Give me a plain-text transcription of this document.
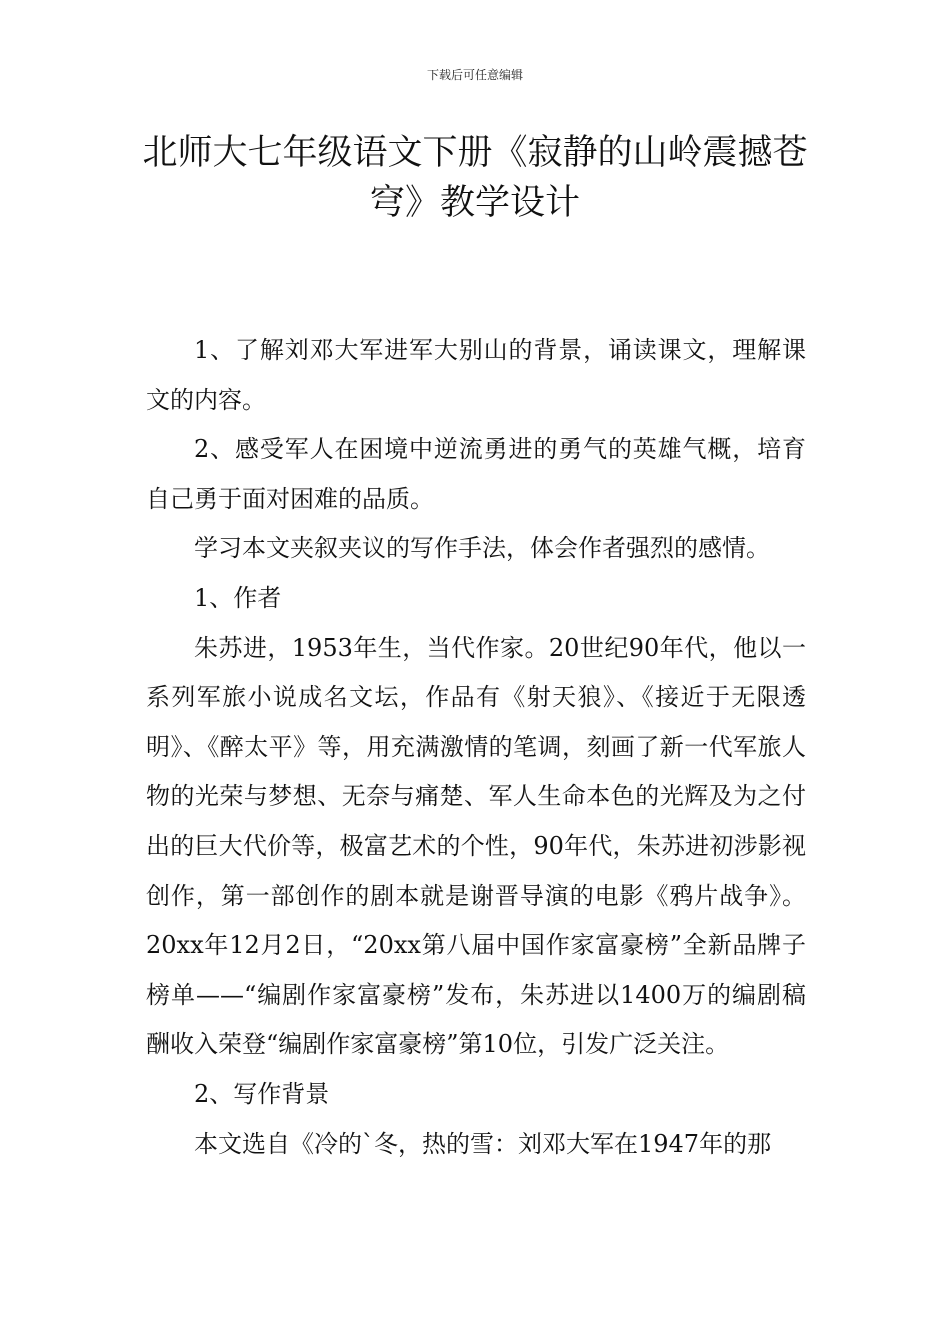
下载后可任意编辑
北师大七年级语文下册《寂静的山岭震撼苍穹》教学设计

1、了解刘邓大军进军大别山的背景，诵读课文，理解课文的内容。

2、感受军人在困境中逆流勇进的勇气的英雄气概，培育自己勇于面对困难的品质。

学习本文夹叙夹议的写作手法，体会作者强烈的感情。

1、作者

朱苏进，1953年生，当代作家。20世纪90年代，他以一系列军旅小说成名文坛，作品有《射天狼》、《接近于无限透明》、《醉太平》等，用充满激情的笔调，刻画了新一代军旅人物的光荣与梦想、无奈与痛楚、军人生命本色的光辉及为之付出的巨大代价等，极富艺术的个性，90年代，朱苏进初涉影视创作，第一部创作的剧本就是谢晋导演的电影《鸦片战争》。20xx年12月2日，“20xx第八届中国作家富豪榜”全新品牌子榜单——“编剧作家富豪榜”发布，朱苏进以1400万的编剧稿酬收入荣登“编剧作家富豪榜”第10位，引发广泛关注。

2、写作背景

本文选自《冷的`冬，热的雪：刘邓大军在1947年的那
